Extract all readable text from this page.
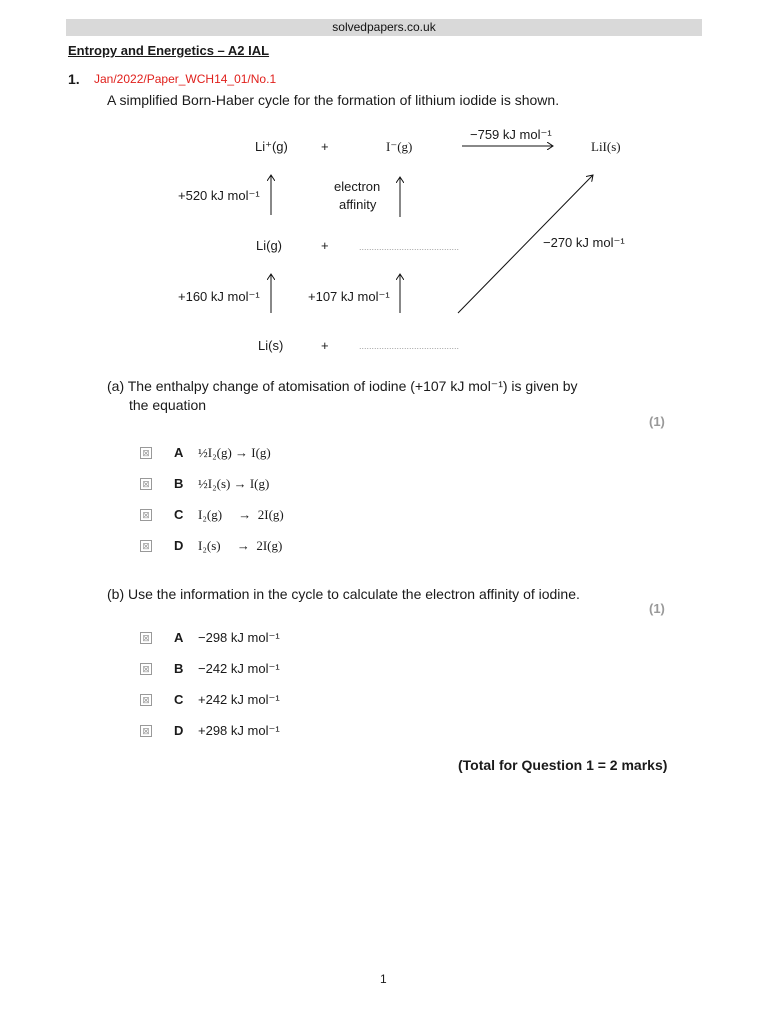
solvedpapers.co.uk
Entropy and Energetics – A2 IAL
1. Jan/2022/Paper_WCH14_01/No.1
A simplified Born-Haber cycle for the formation of lithium iodide is shown.
Li⁺(g)	+	I⁻(g)
−759 kJ mol⁻¹
LiI(s)
+520 kJ mol⁻¹
electron
affinity
Li(g)	+	........................................	−270 kJ mol⁻¹
+160 kJ mol⁻¹	+107 kJ mol⁻¹
Li(s)	+	........................................
(a) The enthalpy change of atomisation of iodine (+107 kJ mol⁻¹) is given by
the equation
(1)
⊠ A ½I₂(g) → I(g)
⊠ B ½I₂(s) → I(g)
⊠ C I₂(g)     →  2I(g)
⊠ D I₂(s)     →  2I(g)
(b) Use the information in the cycle to calculate the electron affinity of iodine.
(1)
⊠ A −298 kJ mol⁻¹
⊠ B −242 kJ mol⁻¹
⊠ C +242 kJ mol⁻¹
⊠ D +298 kJ mol⁻¹
(Total for Question 1 = 2 marks)
1
